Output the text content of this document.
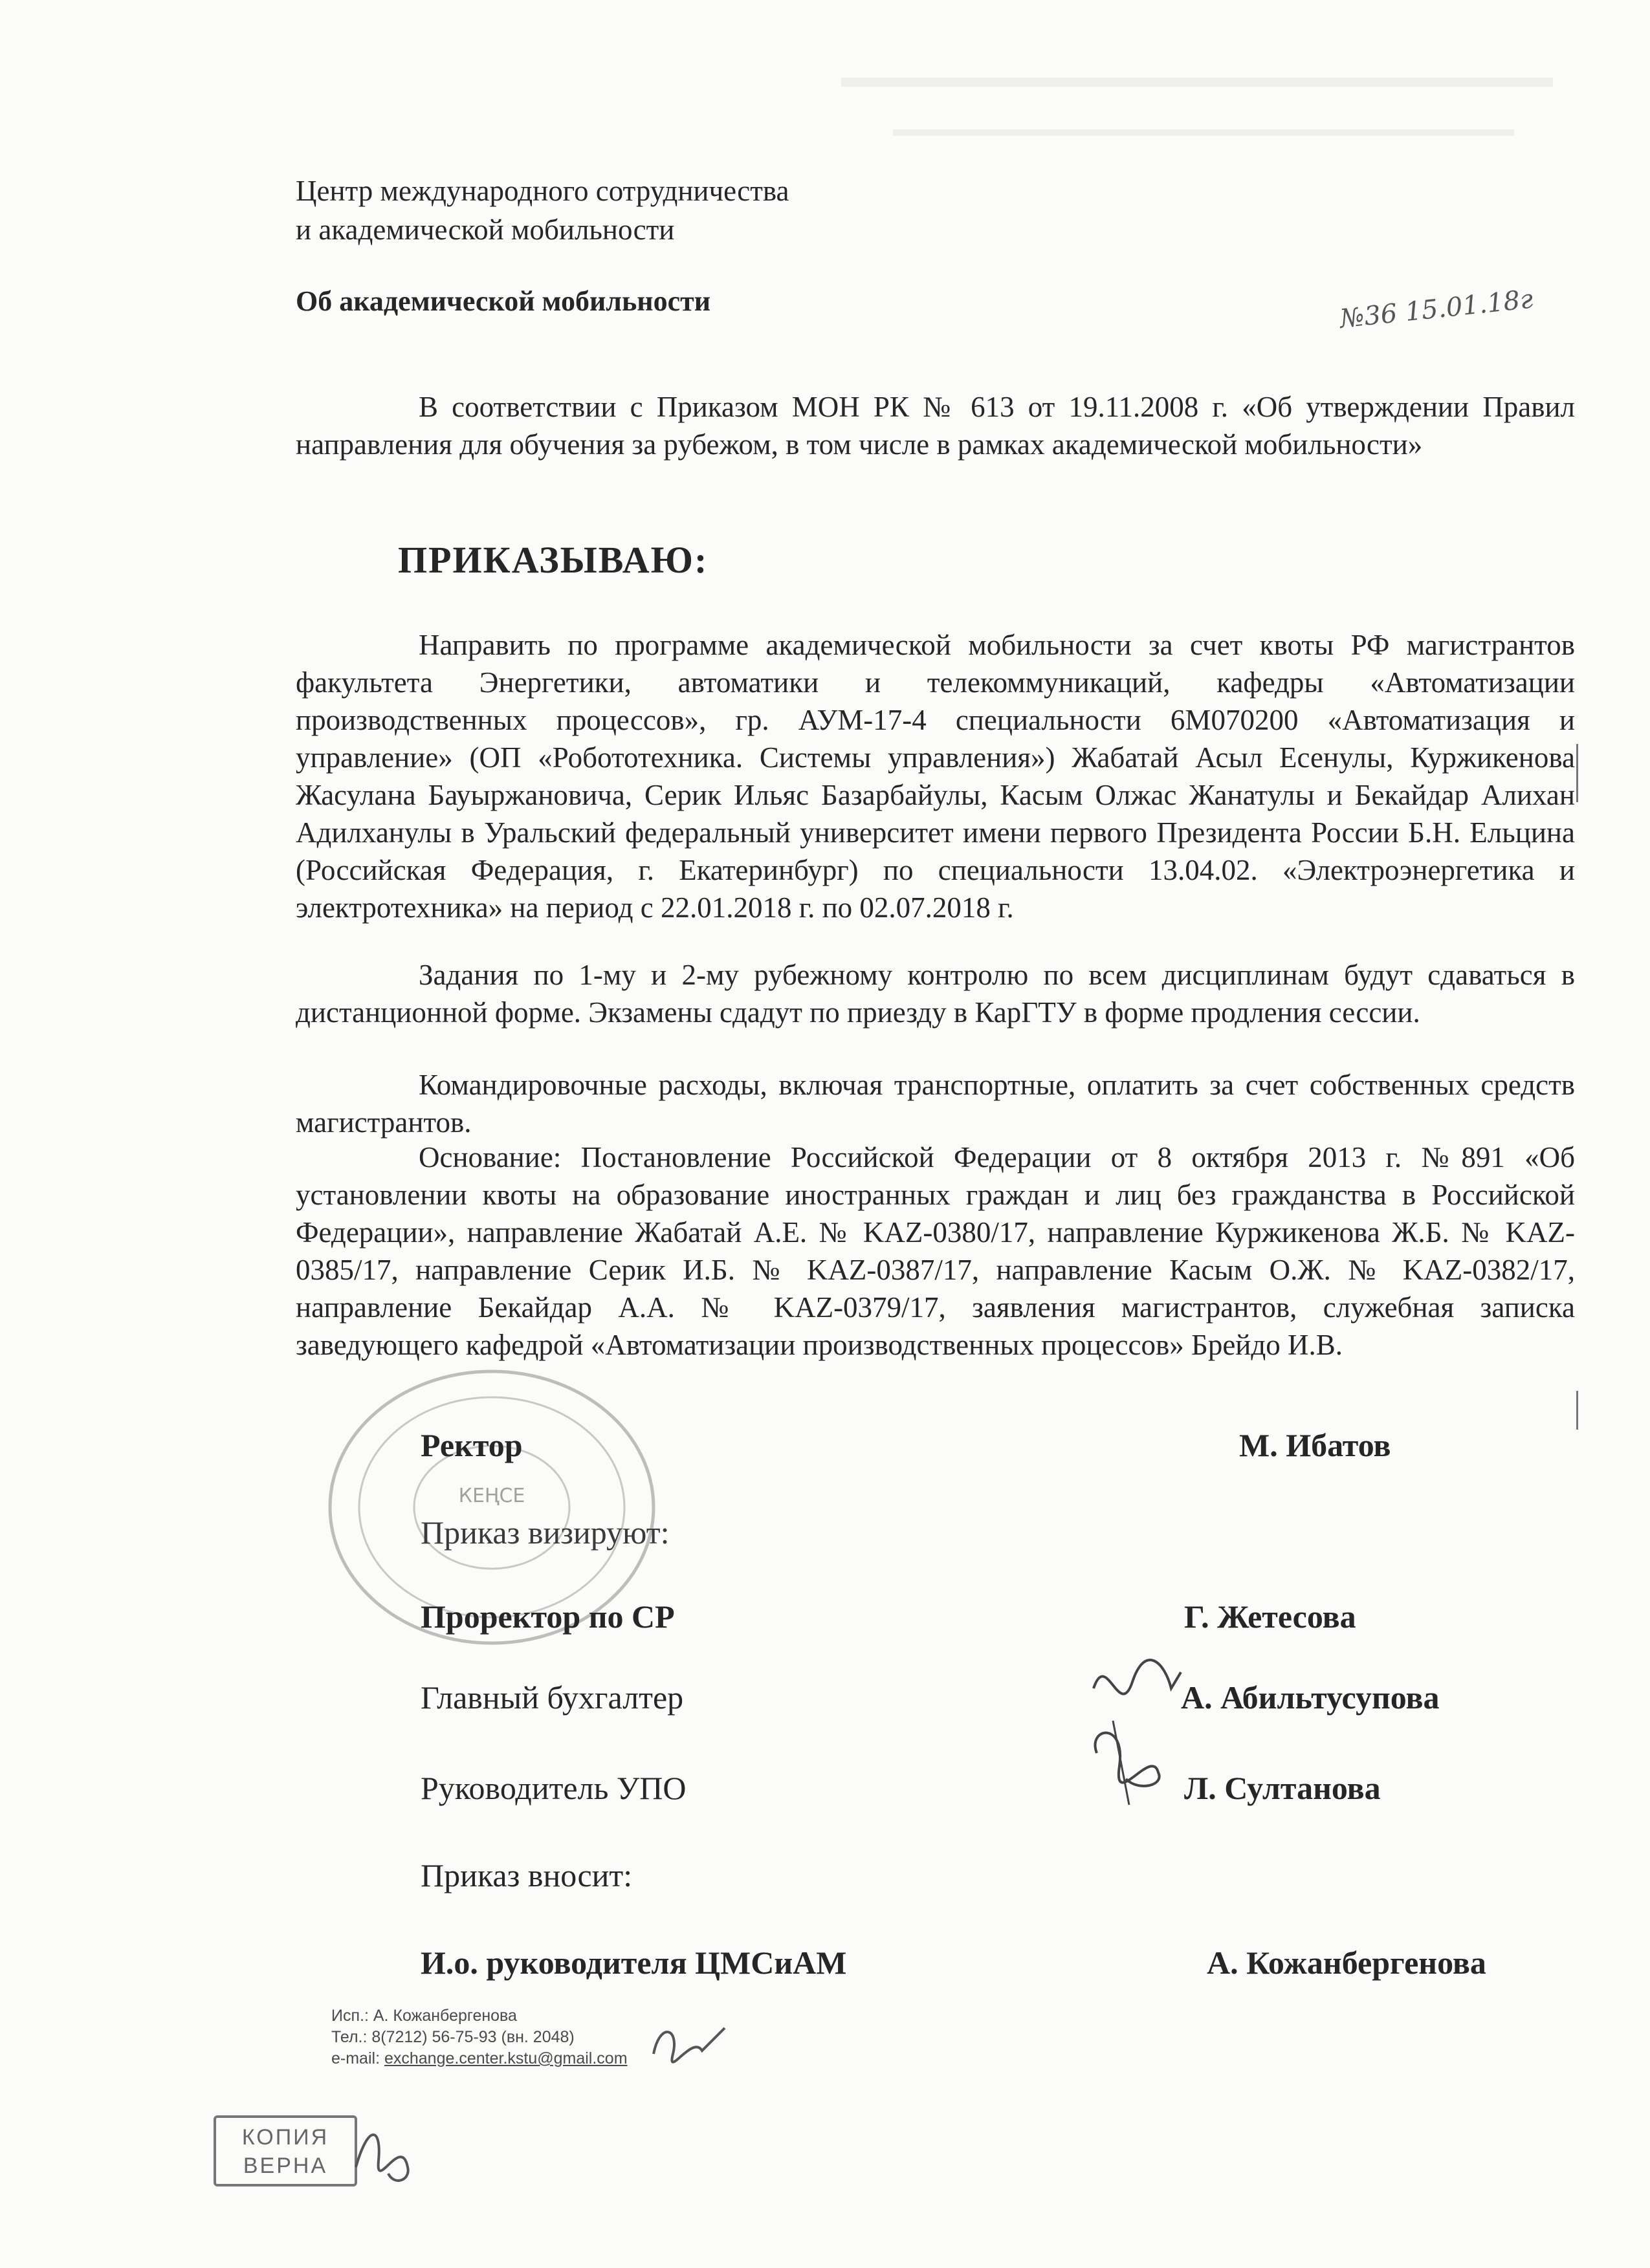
Центр международного сотрудничества
и академической мобильности
Об академической мобильности	№36 15.01.18г
В соответствии с Приказом МОН РК № 613 от 19.11.2008 г. «Об утверждении Правил направления для обучения за рубежом, в том числе в рамках академической мобильности»
ПРИКАЗЫВАЮ:
Направить по программе академической мобильности за счет квоты РФ магистрантов факультета Энергетики, автоматики и телекоммуникаций, кафедры «Автоматизации производственных процессов», гр. АУМ-17-4 специальности 6М070200 «Автоматизация и управление» (ОП «Робототехника. Системы управления») Жабатай Асыл Есенулы, Куржикенова Жасулана Бауыржановича, Серик Ильяс Базарбайулы, Касым Олжас Жанатулы и Бекайдар Алихан Адилханулы в Уральский федеральный университет имени первого Президента России Б.Н. Ельцина (Российская Федерация, г. Екатеринбург) по специальности 13.04.02. «Электроэнергетика и электротехника» на период с 22.01.2018 г. по 02.07.2018 г.
Задания по 1-му и 2-му рубежному контролю по всем дисциплинам будут сдаваться в дистанционной форме. Экзамены сдадут по приезду в КарГТУ в форме продления сессии.
Командировочные расходы, включая транспортные, оплатить за счет собственных средств магистрантов.
Основание: Постановление Российской Федерации от 8 октября 2013 г. №891 «Об установлении квоты на образование иностранных граждан и лиц без гражданства в Российской Федерации», направление Жабатай А.Е. № KAZ-0380/17, направление Куржикенова Ж.Б. № KAZ-0385/17, направление Серик И.Б. № KAZ-0387/17, направление Касым О.Ж. № KAZ-0382/17, направление Бекайдар А.А. № KAZ-0379/17, заявления магистрантов, служебная записка заведующего кафедрой «Автоматизации производственных процессов» Брейдо И.В.
КЕҢСЕ
Ректор	М. Ибатов
Приказ визируют:
Проректор по СР	Г. Жетесова
Главный бухгалтер	А. Абильтусупова
Руководитель УПО	Л. Султанова
Приказ вносит:
И.о. руководителя ЦМСиАМ	А. Кожанбергенова
Исп.: А. Кожанбергенова
Тел.: 8(7212) 56-75-93 (вн. 2048)
e-mail: exchange.center.kstu@gmail.com
КОПИЯ
ВЕРНА
